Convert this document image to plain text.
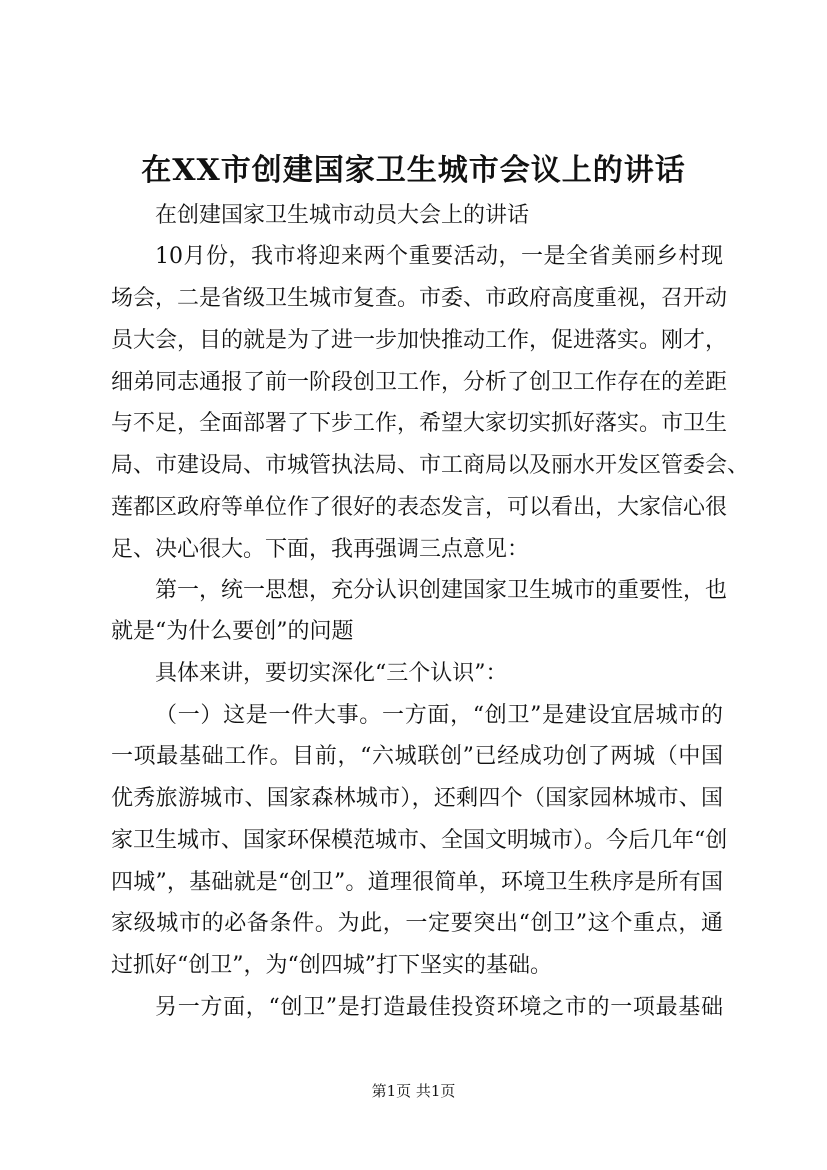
在XX市创建国家卫生城市会议上的讲话
在创建国家卫生城市动员大会上的讲话
10月份，我市将迎来两个重要活动，一是全省美丽乡村现
场会，二是省级卫生城市复查。市委、市政府高度重视，召开动
员大会，目的就是为了进一步加快推动工作，促进落实。刚才，
细弟同志通报了前一阶段创卫工作，分析了创卫工作存在的差距
与不足，全面部署了下步工作，希望大家切实抓好落实。市卫生
局、市建设局、市城管执法局、市工商局以及丽水开发区管委会、
莲都区政府等单位作了很好的表态发言，可以看出，大家信心很
足、决心很大。下面，我再强调三点意见：
第一，统一思想，充分认识创建国家卫生城市的重要性，也
就是“为什么要创”的问题
具体来讲，要切实深化“三个认识”：
（一）这是一件大事。一方面，“创卫”是建设宜居城市的
一项最基础工作。目前，“六城联创”已经成功创了两城（中国
优秀旅游城市、国家森林城市），还剩四个（国家园林城市、国
家卫生城市、国家环保模范城市、全国文明城市）。今后几年“创
四城”，基础就是“创卫”。道理很简单，环境卫生秩序是所有国
家级城市的必备条件。为此，一定要突出“创卫”这个重点，通
过抓好“创卫”，为“创四城”打下坚实的基础。
另一方面，“创卫”是打造最佳投资环境之市的一项最基础
第1页 共1页
